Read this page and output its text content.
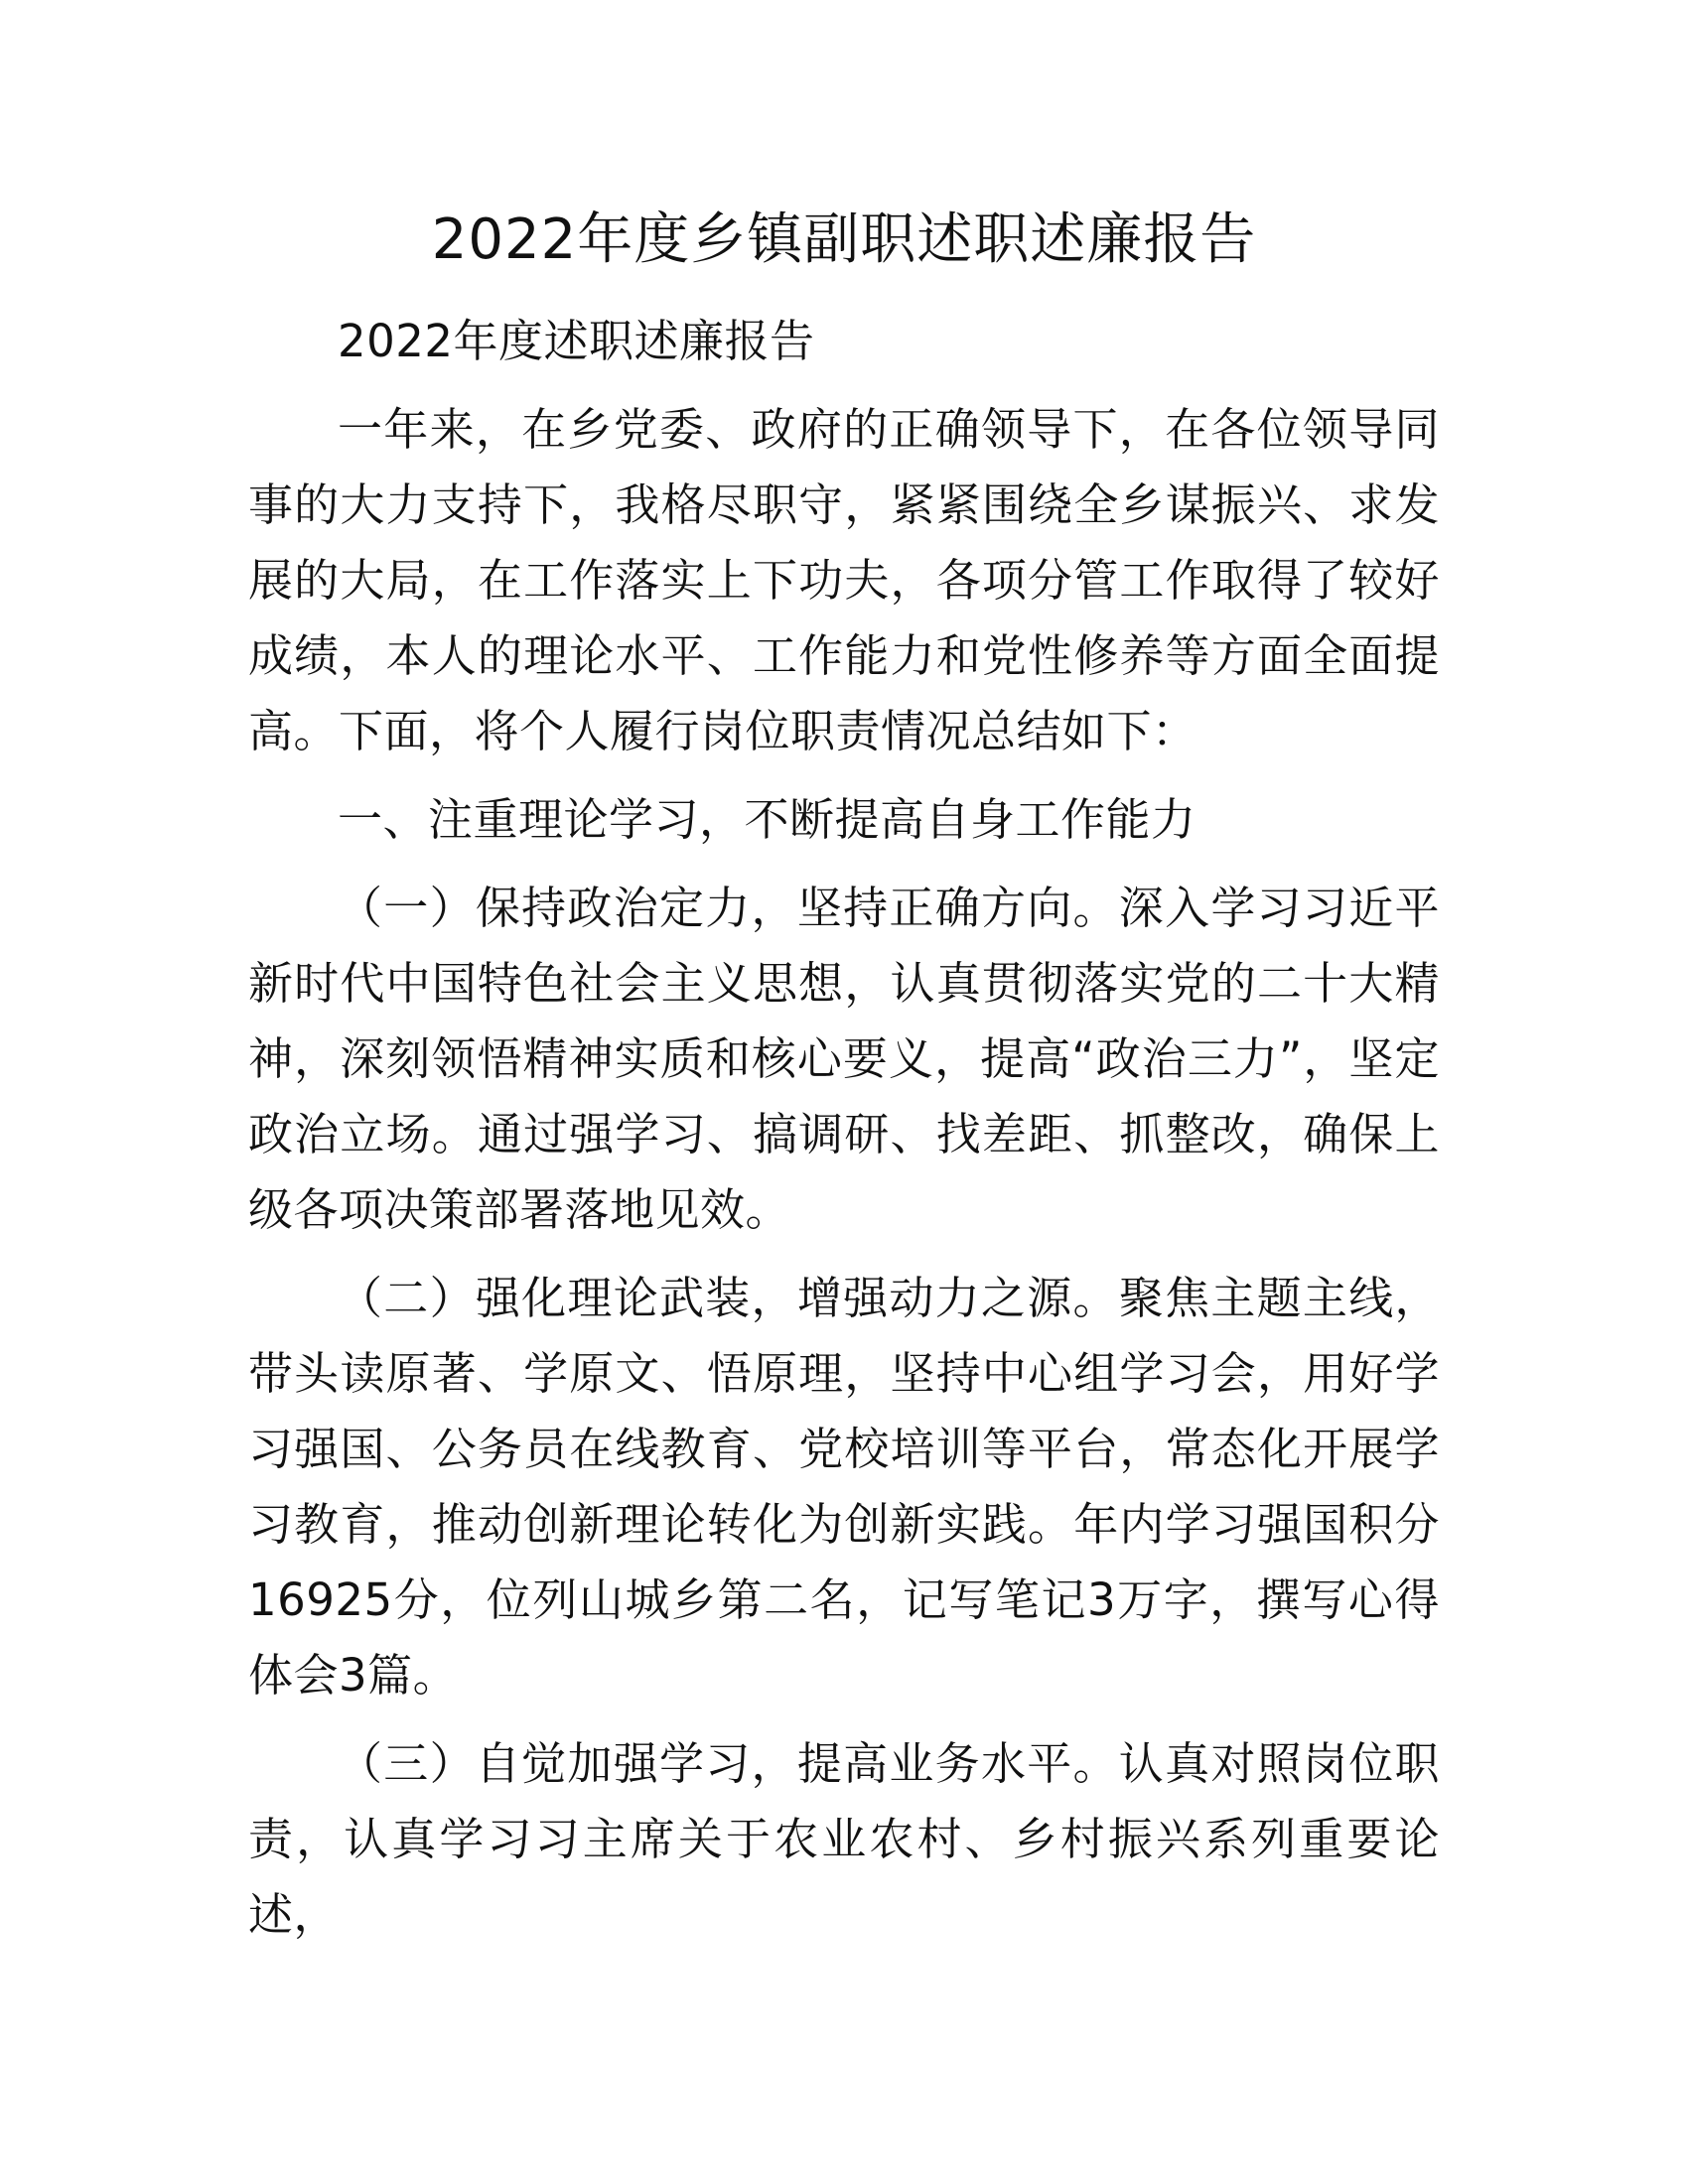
2022年度乡镇副职述职述廉报告

2022年度述职述廉报告

一年来，在乡党委、政府的正确领导下，在各位领导同事的大力支持下，我格尽职守，紧紧围绕全乡谋振兴、求发展的大局，在工作落实上下功夫，各项分管工作取得了较好成绩，本人的理论水平、工作能力和党性修养等方面全面提高。下面，将个人履行岗位职责情况总结如下：

一、注重理论学习，不断提高自身工作能力

（一）保持政治定力，坚持正确方向。深入学习习近平新时代中国特色社会主义思想，认真贯彻落实党的二十大精神，深刻领悟精神实质和核心要义，提高“政治三力”，坚定政治立场。通过强学习、搞调研、找差距、抓整改，确保上级各项决策部署落地见效。

（二）强化理论武装，增强动力之源。聚焦主题主线，带头读原著、学原文、悟原理，坚持中心组学习会，用好学习强国、公务员在线教育、党校培训等平台，常态化开展学习教育，推动创新理论转化为创新实践。年内学习强国积分16925分，位列山城乡第二名，记写笔记3万字，撰写心得体会3篇。

（三）自觉加强学习，提高业务水平。认真对照岗位职责，认真学习习主席关于农业农村、乡村振兴系列重要论述，
